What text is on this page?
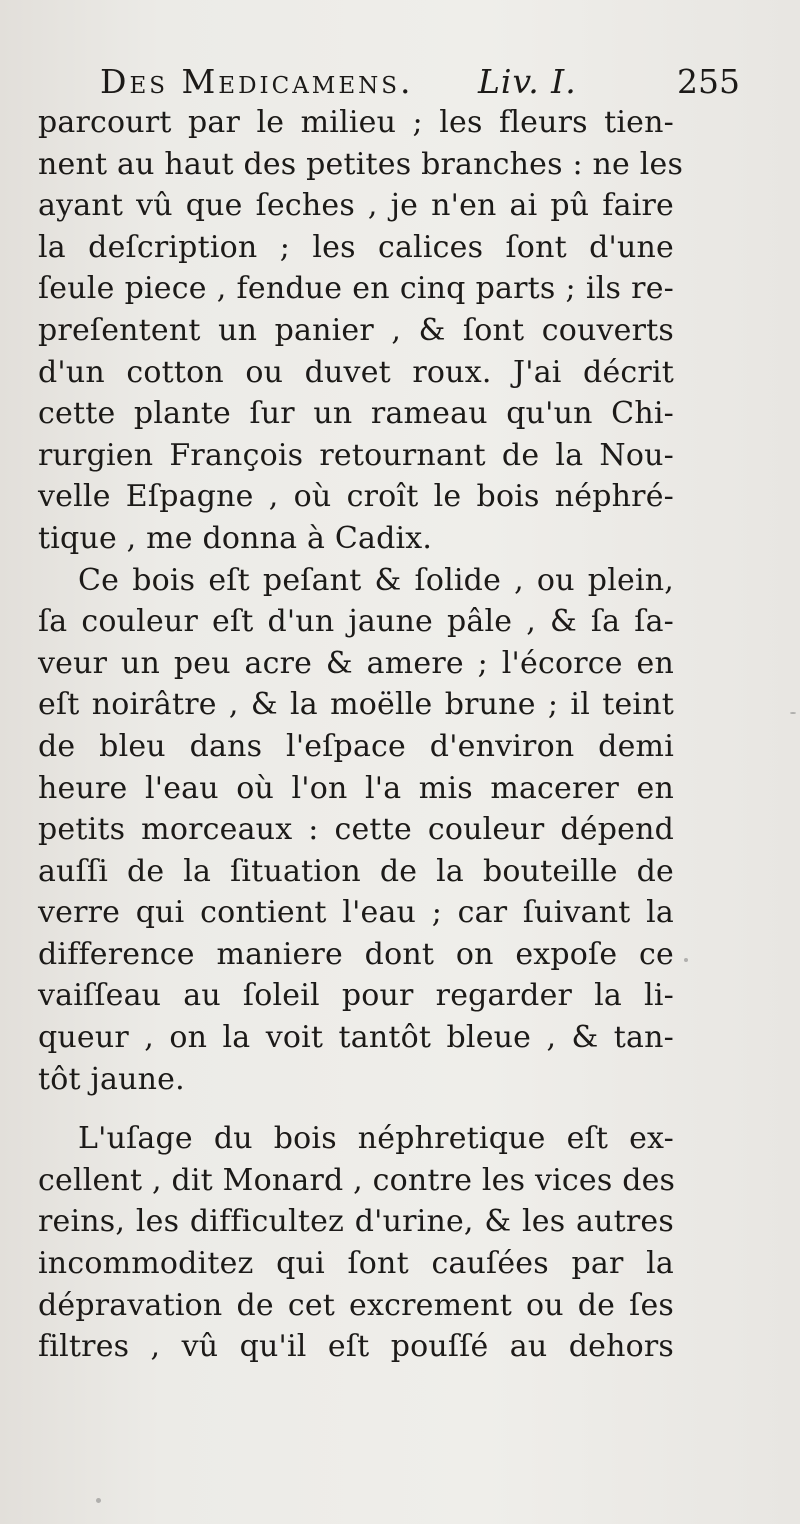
Des Medicamens. Liv. I.	255
parcourt par le milieu ; les fleurs tien-
nent au haut des petites branches : ne les
ayant vû que ſeches , je n'en ai pû faire
la deſcription ; les calices ſont d'une
ſeule piece , fendue en cinq parts ; ils re-
preſentent un panier , & ſont couverts
d'un cotton ou duvet roux. J'ai décrit
cette plante ſur un rameau qu'un Chi-
rurgien François retournant de la Nou-
velle Eſpagne , où croît le bois néphré-
tique , me donna à Cadix.
Ce bois eſt peſant & ſolide , ou plein,
ſa couleur eſt d'un jaune pâle , & ſa ſa-
veur un peu acre & amere ; l'écorce en
eſt noirâtre , & la moëlle brune ; il teint
de bleu dans l'eſpace d'environ demi
heure l'eau où l'on l'a mis macerer en
petits morceaux : cette couleur dépend
auſſi de la ſituation de la bouteille de
verre qui contient l'eau ; car ſuivant la
difference maniere dont on expoſe ce
vaiſſeau au ſoleil pour regarder la li-
queur , on la voit tantôt bleue , & tan-
tôt jaune.
L'uſage du bois néphretique eſt ex-
cellent , dit Monard , contre les vices des
reins, les difficultez d'urine, & les autres
incommoditez qui ſont cauſées par la
dépravation de cet excrement ou de ſes
filtres , vû qu'il eſt pouſſé au dehors
